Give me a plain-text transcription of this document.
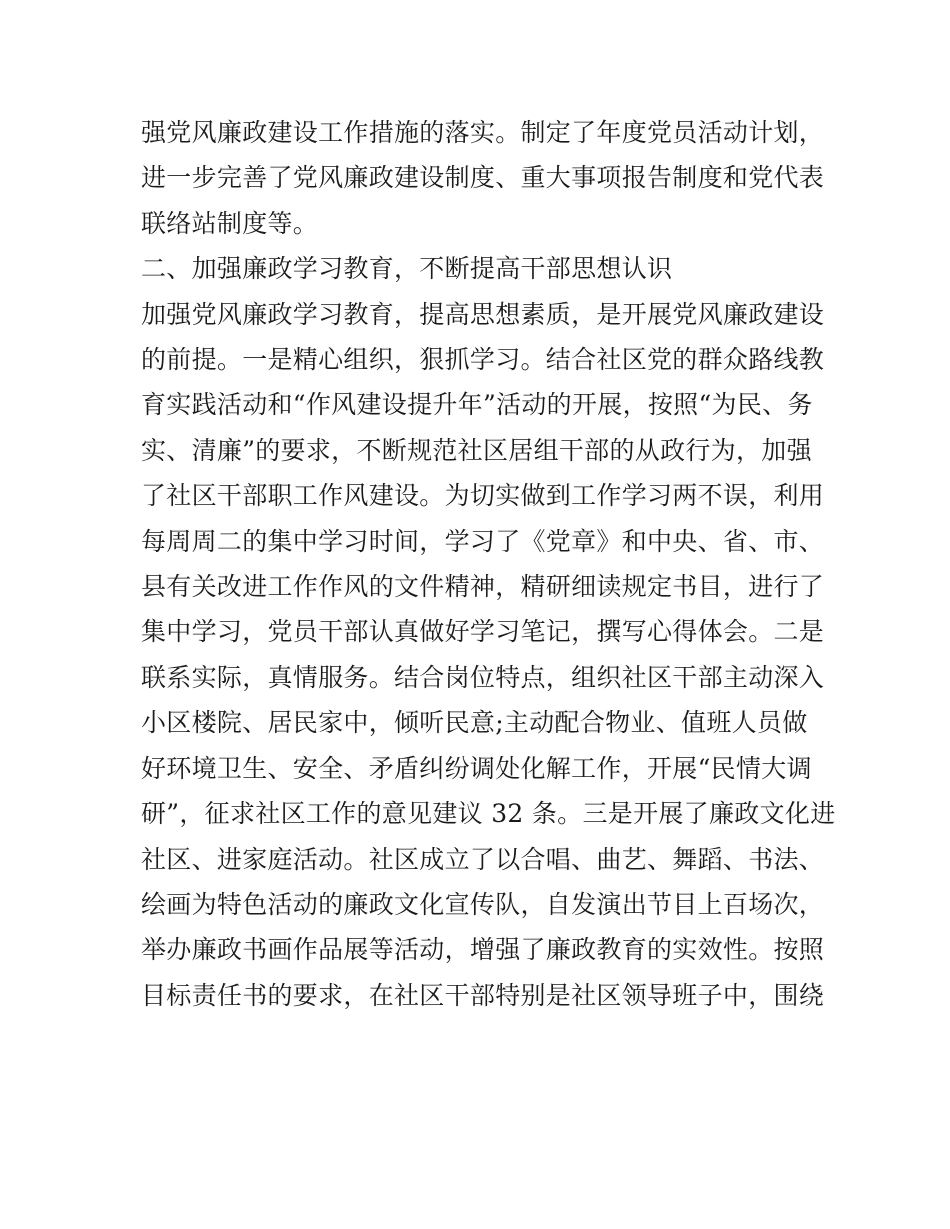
强党风廉政建设工作措施的落实。制定了年度党员活动计划，
进一步完善了党风廉政建设制度、重大事项报告制度和党代表
联络站制度等。
二、加强廉政学习教育，不断提高干部思想认识
加强党风廉政学习教育，提高思想素质，是开展党风廉政建设
的前提。一是精心组织，狠抓学习。结合社区党的群众路线教
育实践活动和“作风建设提升年”活动的开展，按照“为民、务
实、清廉”的要求，不断规范社区居组干部的从政行为，加强
了社区干部职工作风建设。为切实做到工作学习两不误，利用
每周周二的集中学习时间，学习了《党章》和中央、省、市、
县有关改进工作作风的文件精神，精研细读规定书目，进行了
集中学习，党员干部认真做好学习笔记，撰写心得体会。二是
联系实际，真情服务。结合岗位特点，组织社区干部主动深入
小区楼院、居民家中，倾听民意;主动配合物业、值班人员做
好环境卫生、安全、矛盾纠纷调处化解工作，开展“民情大调
研”，征求社区工作的意见建议 32 条。三是开展了廉政文化进
社区、进家庭活动。社区成立了以合唱、曲艺、舞蹈、书法、
绘画为特色活动的廉政文化宣传队，自发演出节目上百场次，
举办廉政书画作品展等活动，增强了廉政教育的实效性。按照
目标责任书的要求，在社区干部特别是社区领导班子中，围绕
